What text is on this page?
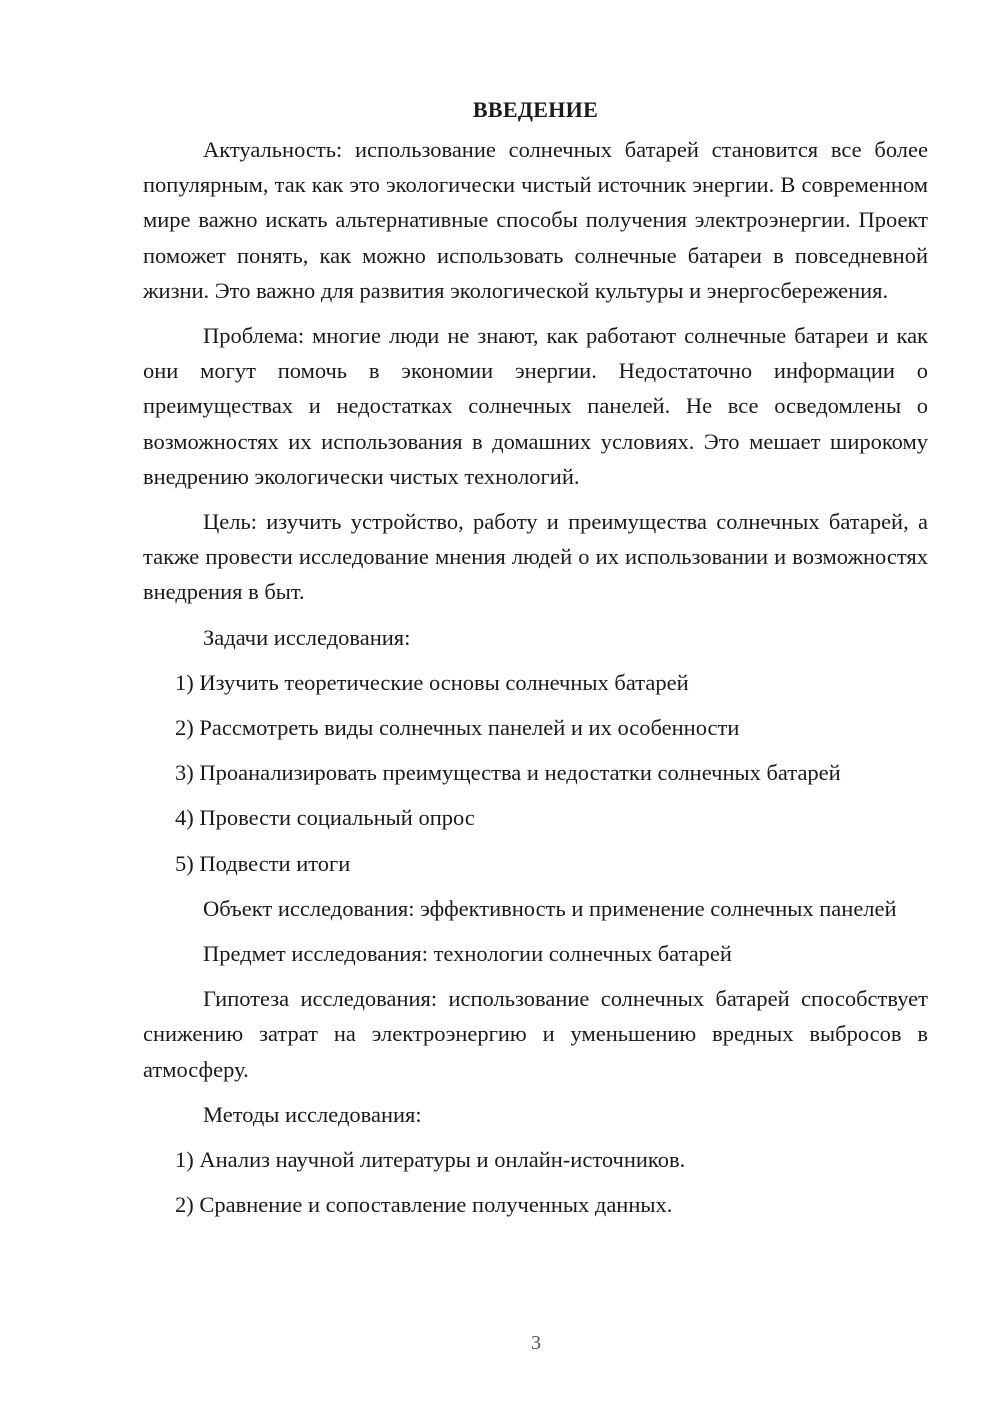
ВВЕДЕНИЕ

Актуальность: использование солнечных батарей становится все более популярным, так как это экологически чистый источник энергии. В современном мире важно искать альтернативные способы получения электроэнергии. Проект поможет понять, как можно использовать солнечные батареи в повседневной жизни. Это важно для развития экологической культуры и энергосбережения.

Проблема: многие люди не знают, как работают солнечные батареи и как они могут помочь в экономии энергии. Недостаточно информации о преимуществах и недостатках солнечных панелей. Не все осведомлены о возможностях их использования в домашних условиях. Это мешает широкому внедрению экологически чистых технологий.

Цель: изучить устройство, работу и преимущества солнечных батарей, а также провести исследование мнения людей о их использовании и возможностях внедрения в быт.

Задачи исследования:

1) Изучить теоретические основы солнечных батарей
2) Рассмотреть виды солнечных панелей и их особенности
3) Проанализировать преимущества и недостатки солнечных батарей
4) Провести социальный опрос
5) Подвести итоги

Объект исследования: эффективность и применение солнечных панелей

Предмет исследования: технологии солнечных батарей

Гипотеза исследования: использование солнечных батарей способствует снижению затрат на электроэнергию и уменьшению вредных выбросов в атмосферу.

Методы исследования:

1) Анализ научной литературы и онлайн-источников.
2) Сравнение и сопоставление полученных данных.
3
